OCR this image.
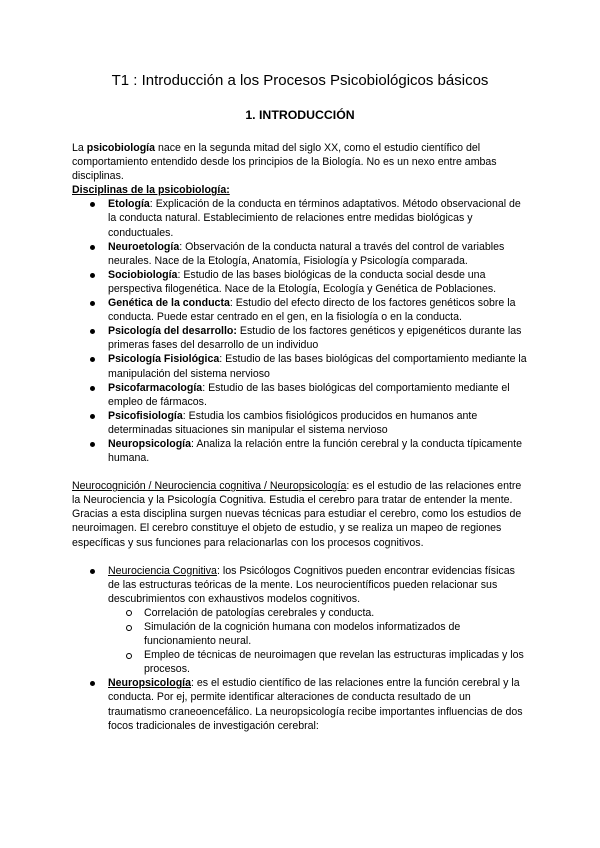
T1 : Introducción a los Procesos Psicobiológicos básicos
1. INTRODUCCIÓN

La psicobiología nace en la segunda mitad del siglo XX, como el estudio científico del comportamiento entendido desde los principios de la Biología. No es un nexo entre ambas disciplinas.

Disciplinas de la psicobiología:

Etología: Explicación de la conducta en términos adaptativos. Método observacional de la conducta natural. Establecimiento de relaciones entre medidas biológicas y conductuales.
Neuroetología: Observación de la conducta natural a través del control de variables neurales. Nace de la Etología, Anatomía, Fisiología y Psicología comparada.
Sociobiología: Estudio de las bases biológicas de la conducta social desde una perspectiva filogenética. Nace de la Etología, Ecología y Genética de Poblaciones.
Genética de la conducta: Estudio del efecto directo de los factores genéticos sobre la conducta. Puede estar centrado en el gen, en la fisiología o en la conducta.
Psicología del desarrollo: Estudio de los factores genéticos y epigenéticos durante las primeras fases del desarrollo de un individuo
Psicología Fisiológica: Estudio de las bases biológicas del comportamiento mediante la manipulación del sistema nervioso
Psicofarmacología: Estudio de las bases biológicas del comportamiento mediante el empleo de fármacos.
Psicofisiología: Estudia los cambios fisiológicos producidos en humanos ante determinadas situaciones sin manipular el sistema nervioso
Neuropsicología: Analiza la relación entre la función cerebral y la conducta típicamente humana.

Neurocognición / Neurociencia cognitiva / Neuropsicología: es el estudio de las relaciones entre la Neurociencia y la Psicología Cognitiva. Estudia el cerebro para tratar de entender la mente. Gracias a esta disciplina surgen nuevas técnicas para estudiar el cerebro, como los estudios de neuroimagen. El cerebro constituye el objeto de estudio, y se realiza un mapeo de regiones específicas y sus funciones para relacionarlas con los procesos cognitivos.

Neurociencia Cognitiva: los Psicólogos Cognitivos pueden encontrar evidencias físicas de las estructuras teóricas de la mente. Los neurocientíficos pueden relacionar sus descubrimientos con exhaustivos modelos cognitivos.
Correlación de patologías cerebrales y conducta.
Simulación de la cognición humana con modelos informatizados de funcionamiento neural.
Empleo de técnicas de neuroimagen que revelan las estructuras implicadas y los procesos.
Neuropsicología: es el estudio científico de las relaciones entre la función cerebral y la conducta. Por ej, permite identificar alteraciones de conducta resultado de un traumatismo craneoencefálico. La neuropsicología recibe importantes influencias de dos focos tradicionales de investigación cerebral:
